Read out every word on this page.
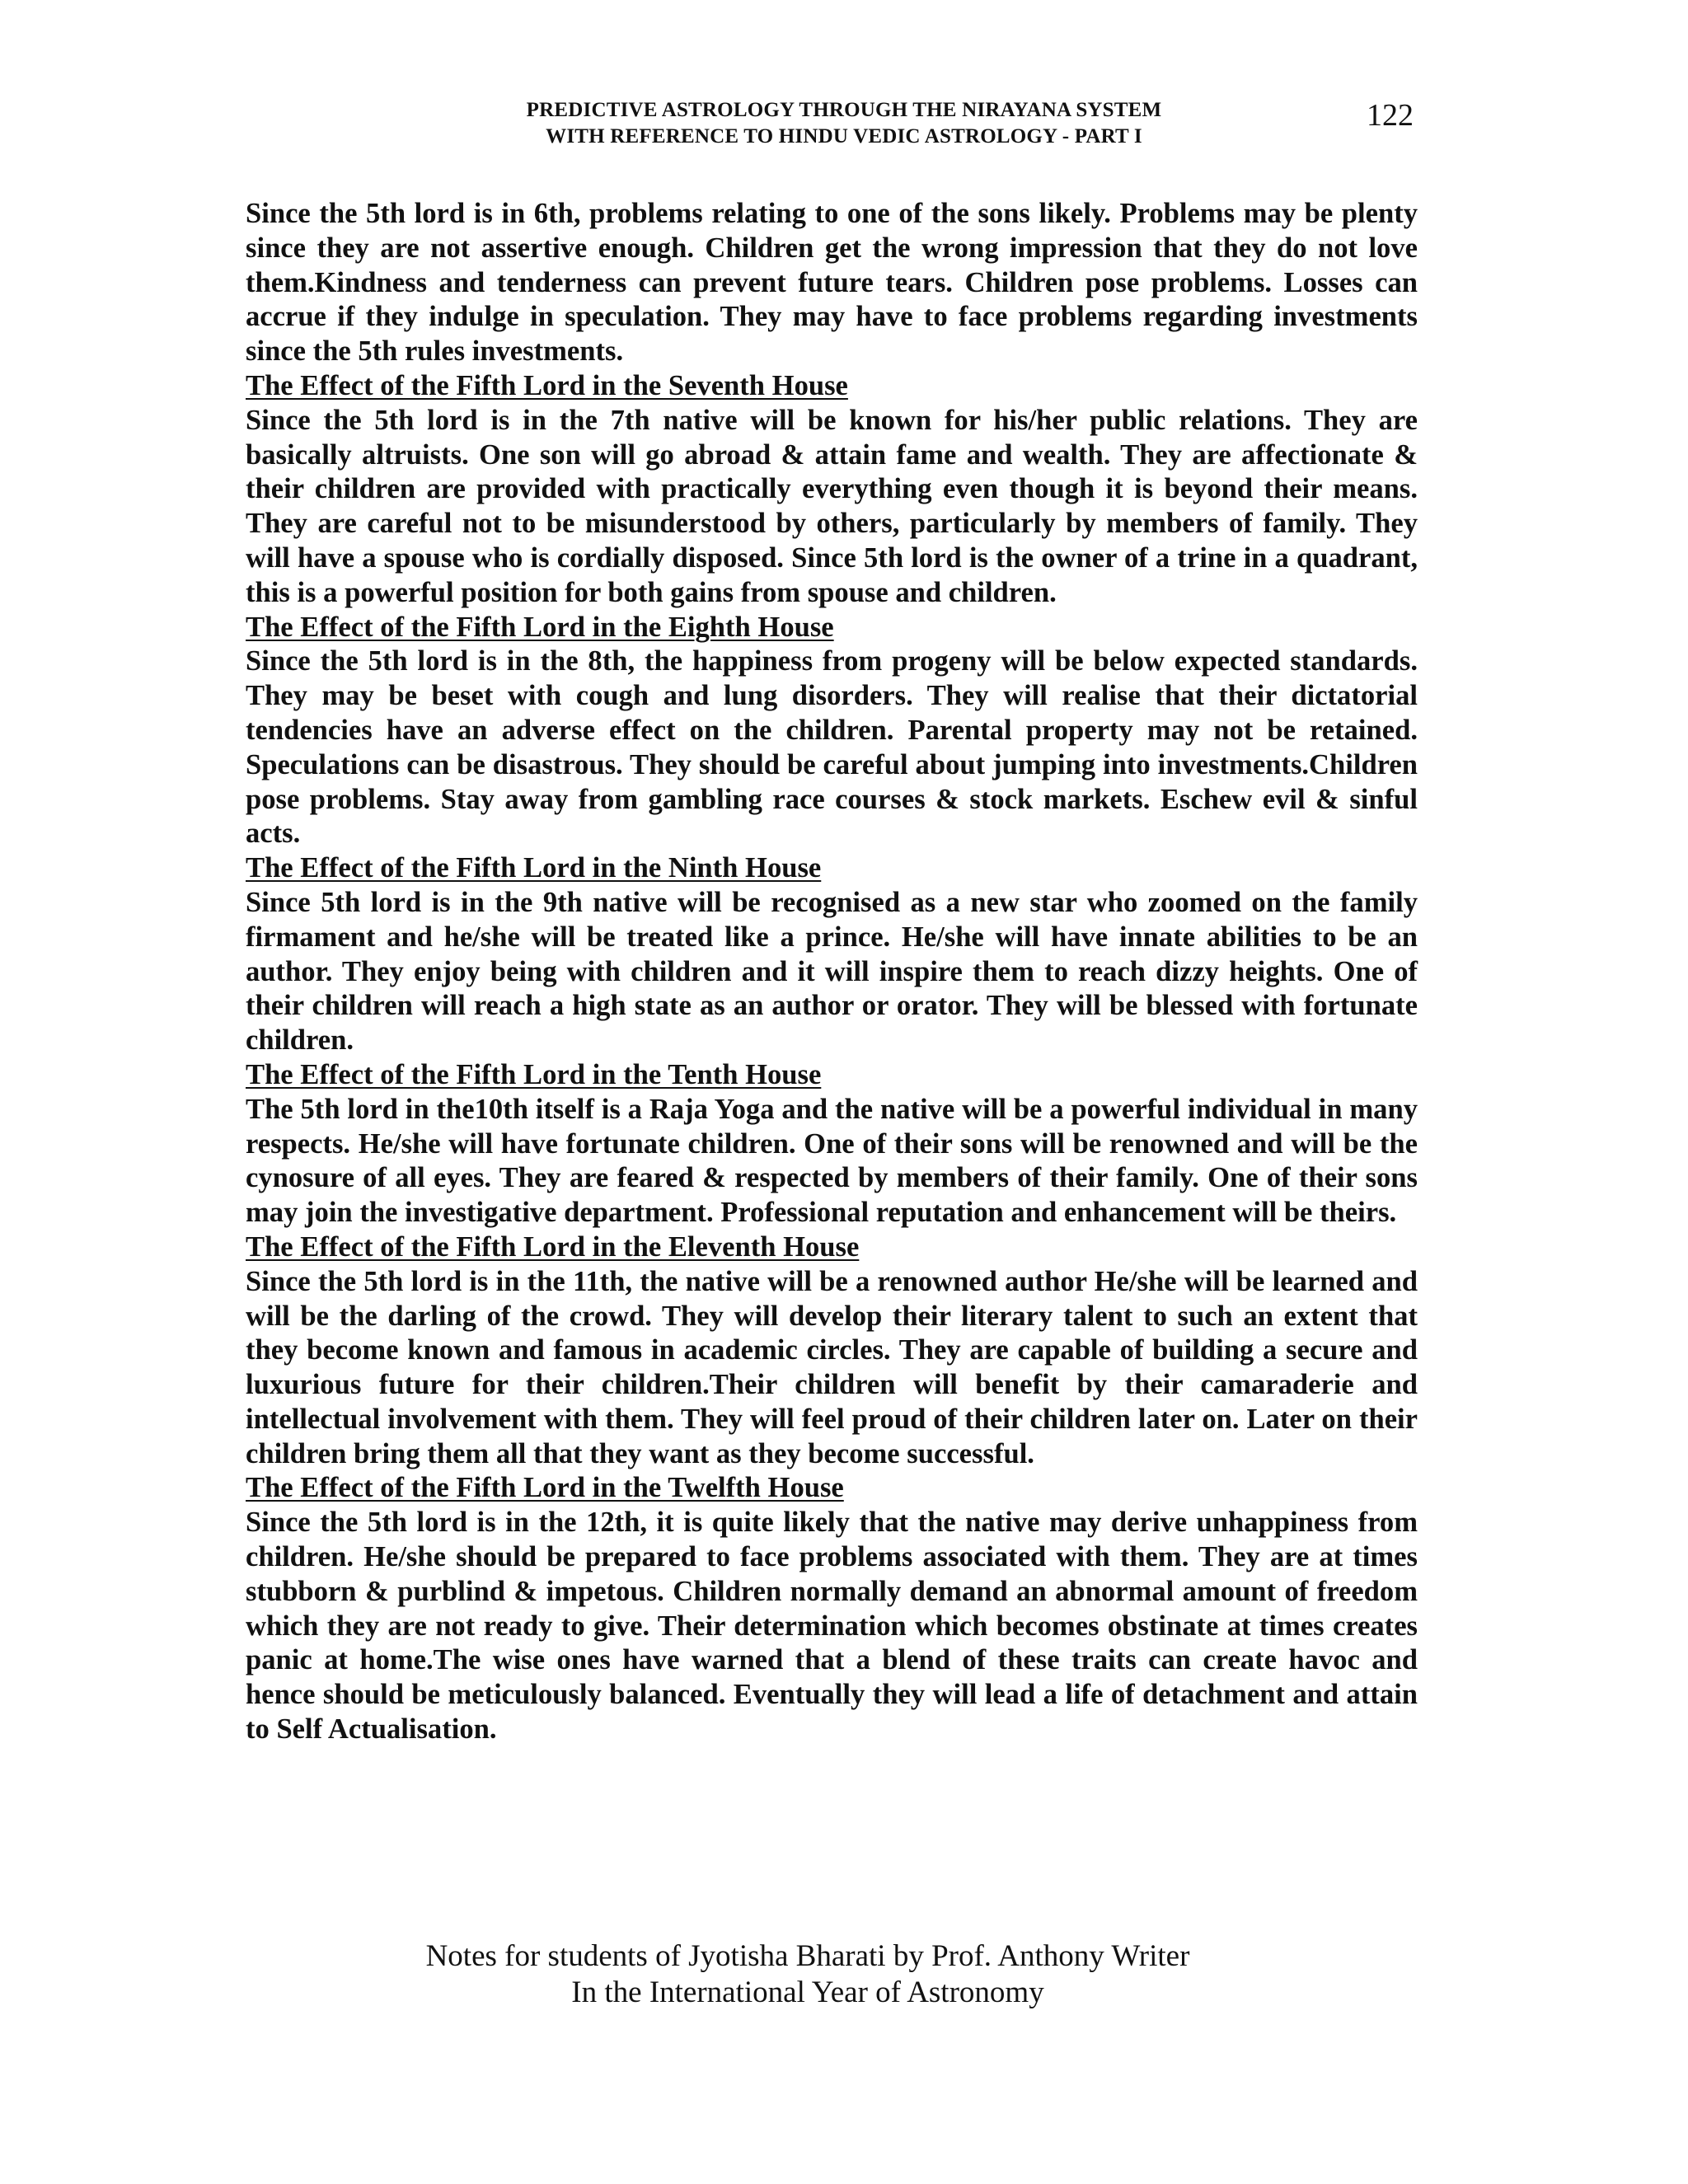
PREDICTIVE ASTROLOGY THROUGH THE NIRAYANA SYSTEM
WITH REFERENCE TO HINDU VEDIC ASTROLOGY - PART I
122

Since the 5th lord is in 6th, problems relating to one of the sons likely. Problems may be plenty since they are not assertive enough. Children get the wrong impression that they do not love them.Kindness and tenderness can prevent future tears. Children pose problems. Losses can accrue if they indulge in speculation. They may have to face problems regarding investments since the 5th rules investments.

The Effect of the Fifth Lord in the Seventh House

Since the 5th lord is in the 7th native will be known for his/her public relations. They are basically altruists. One son will go abroad & attain fame and wealth. They are affectionate & their children are provided with practically everything even though it is beyond their means. They are careful not to be misunderstood by others, particularly by members of family. They will have a spouse who is cordially disposed. Since 5th lord is the owner of a trine in a quadrant, this is a powerful position for both gains from spouse and children.

The Effect of the Fifth Lord in the Eighth House

Since the 5th lord is in the 8th, the happiness from progeny will be below expected standards. They may be beset with cough and lung disorders. They will realise that their dictatorial tendencies have an adverse effect on the children. Parental property may not be retained. Speculations can be disastrous. They should be careful about jumping into investments.Children pose problems. Stay away from gambling race courses & stock markets. Eschew evil & sinful acts.

The Effect of the Fifth Lord in the Ninth House

Since 5th lord is in the 9th native will be recognised as a new star who zoomed on the family firmament and he/she will be treated like a prince. He/she will have innate abilities to be an author. They enjoy being with children and it will inspire them to reach dizzy heights. One of their children will reach a high state as an author or orator. They will be blessed with fortunate children.

The Effect of the Fifth Lord in the Tenth House

The 5th lord in the10th itself is a Raja Yoga and the native will be a powerful individual in many respects. He/she will have fortunate children. One of their sons will be renowned and will be the cynosure of all eyes. They are feared & respected by members of their family. One of their sons may join the investigative department. Professional reputation and enhancement will be theirs.

The Effect of the Fifth Lord in the Eleventh House

Since the 5th lord is in the 11th, the native will be a renowned author He/she will be learned and will be the darling of the crowd. They will develop their literary talent to such an extent that they become known and famous in academic circles. They are capable of building a secure and luxurious future for their children.Their children will benefit by their camaraderie and intellectual involvement with them. They will feel proud of their children later on. Later on their children bring them all that they want as they become successful.

The Effect of the Fifth Lord in the Twelfth House

Since the 5th lord is in the 12th, it is quite likely that the native may derive unhappiness from children. He/she should be prepared to face problems associated with them. They are at times stubborn & purblind & impetous. Children normally demand an abnormal amount of freedom which they are not ready to give. Their determination which becomes obstinate at times creates panic at home.The wise ones have warned that a blend of these traits can create havoc and hence should be meticulously balanced. Eventually they will lead a life of detachment and attain to Self Actualisation.

Notes for students of Jyotisha Bharati by Prof. Anthony Writer
In the International Year of Astronomy
